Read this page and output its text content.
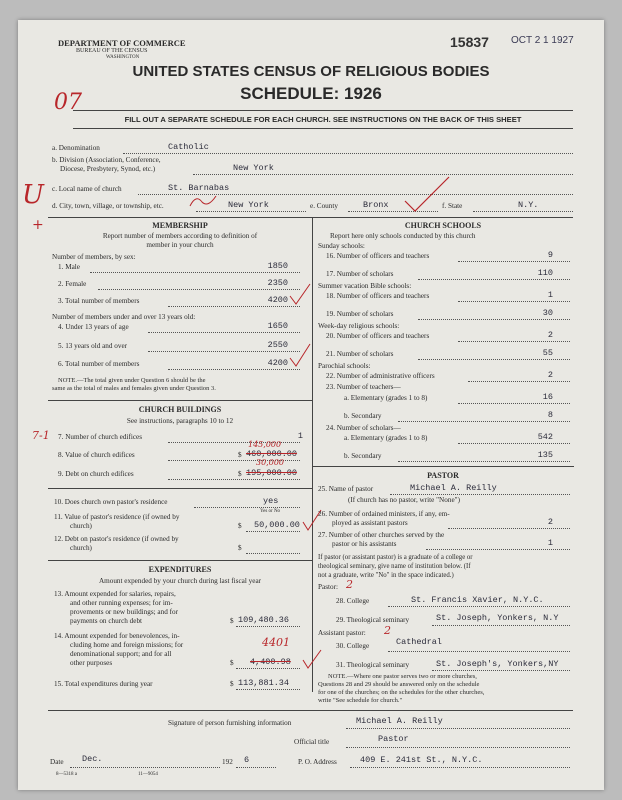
DEPARTMENT OF COMMERCE
BUREAU OF THE CENSUS
WASHINGTON
15837 OCT 2 1 1927
UNITED STATES CENSUS OF RELIGIOUS BODIES
SCHEDULE: 1926
07
FILL OUT A SEPARATE SCHEDULE FOR EACH CHURCH. SEE INSTRUCTIONS ON THE BACK OF THIS SHEET
a. Denomination	Catholic
b. Division (Association, Conference,
Diocese, Presbytery, Synod, etc.)	New York
c. Local name of church	St. Barnabas
U
+
d. City, town, village, or township, etc.	New York	e. County	Bronx	f. State	N.Y.
MEMBERSHIP
Report number of members according to definition of
member in your church
Number of members, by sex:
1. Male	1850
2. Female	2350
3. Total number of members	4200
Number of members under and over 13 years old:
4. Under 13 years of age	1650
5. 13 years old and over	2550
6. Total number of members	4200
NOTE.—The total given under Question 6 should be the
same as the total of males and females given under Question 3.
CHURCH BUILDINGS
See instructions, paragraphs 10 to 12
7-1 7. Number of church edifices	1
145,000
8. Value of church edifices	$ 460,000.00
30,000
9. Debt on church edifices	$ 195,000.00
10. Does church own pastor's residence	yes
Yes or No
11. Value of pastor's residence (if owned by
church)	$ 50,000.00
12. Debt on pastor's residence (if owned by
church)	$
EXPENDITURES
Amount expended by your church during last fiscal year
13. Amount expended for salaries, repairs,
and other running expenses; for im-
provements or new buildings; and for
payments on church debt	$ 109,480.36
14. Amount expended for benevolences, in-
cluding home and foreign missions; for
denominational support; and for all
other purposes
4401
$ 4,400.98
15. Total expenditures during year	$ 113,881.34
CHURCH SCHOOLS
Report here only schools conducted by this church
Sunday schools:
16. Number of officers and teachers	9
17. Number of scholars	110
Summer vacation Bible schools:
18. Number of officers and teachers	1
19. Number of scholars	30
Week-day religious schools:
20. Number of officers and teachers	2
21. Number of scholars	55
Parochial schools:
22. Number of administrative officers	2
23. Number of teachers—
a. Elementary (grades 1 to 8)	16
b. Secondary	8
24. Number of scholars—
a. Elementary (grades 1 to 8)	542
b. Secondary	135
PASTOR
25. Name of pastor	Michael A. Reilly
(If church has no pastor, write "None")
26. Number of ordained ministers, if any, em-
ployed as assistant pastors	2
27. Number of other churches served by the
pastor or his assistants	1
If pastor (or assistant pastor) is a graduate of a college or
theological seminary, give name of institution below. (If
not a graduate, write "No" in the space indicated.)
Pastor: 2
28. College	St. Francis Xavier, N.Y.C.
29. Theological seminary	St. Joseph, Yonkers, N.Y
Assistant pastor: 2
30. College	Cathedral
31. Theological seminary	St. Joseph's, Yonkers,NY
NOTE.—Where one pastor serves two or more churches,
Questions 28 and 29 should be answered only on the schedule
for one of the churches; on the schedules for the other churches,
write "See schedule for church."
Signature of person furnishing information	Michael A. Reilly
Official title	Pastor
Date Dec.	192 6	P. O. Address	409 E. 241st St., N.Y.C.
8—5318 a	11—9054
